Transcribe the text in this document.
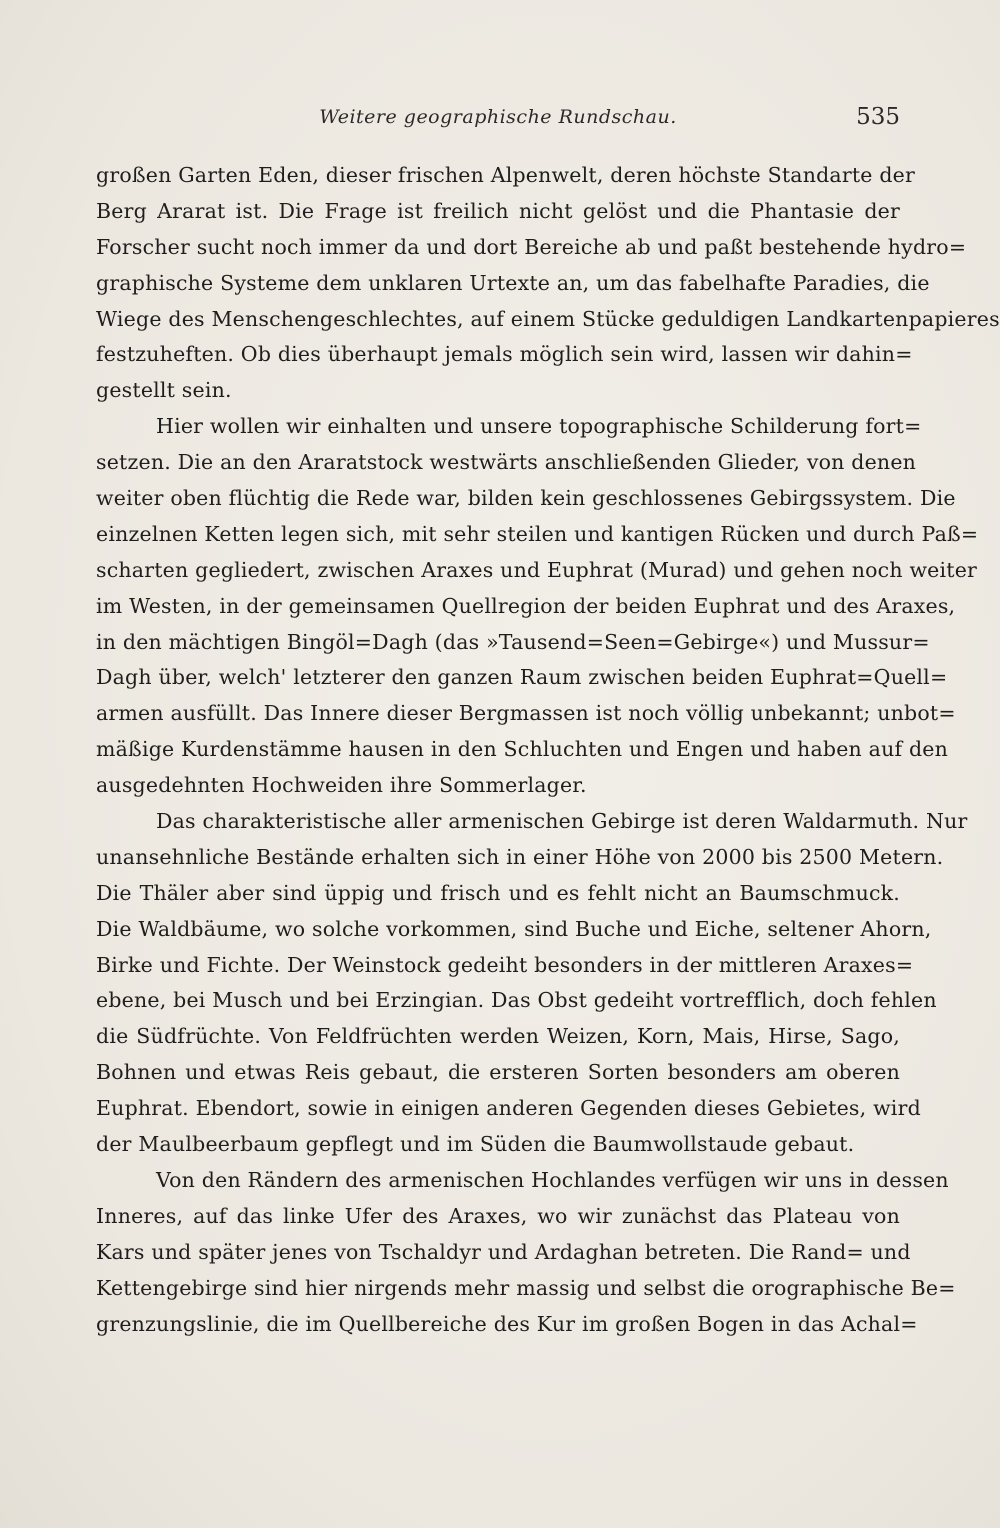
Weitere geographische Rundschau.	535
großen Garten Eden, dieser frischen Alpenwelt, deren höchste Standarte der
Berg Ararat ist. Die Frage ist freilich nicht gelöst und die Phantasie der
Forscher sucht noch immer da und dort Bereiche ab und paßt bestehende hydro=
graphische Systeme dem unklaren Urtexte an, um das fabelhafte Paradies, die
Wiege des Menschengeschlechtes, auf einem Stücke geduldigen Landkartenpapieres
festzuheften. Ob dies überhaupt jemals möglich sein wird, lassen wir dahin=
gestellt sein.
Hier wollen wir einhalten und unsere topographische Schilderung fort=
setzen. Die an den Araratstock westwärts anschließenden Glieder, von denen
weiter oben flüchtig die Rede war, bilden kein geschlossenes Gebirgssystem. Die
einzelnen Ketten legen sich, mit sehr steilen und kantigen Rücken und durch Paß=
scharten gegliedert, zwischen Araxes und Euphrat (Murad) und gehen noch weiter
im Westen, in der gemeinsamen Quellregion der beiden Euphrat und des Araxes,
in den mächtigen Bingöl=Dagh (das »Tausend=Seen=Gebirge«) und Mussur=
Dagh über, welch' letzterer den ganzen Raum zwischen beiden Euphrat=Quell=
armen ausfüllt. Das Innere dieser Bergmassen ist noch völlig unbekannt; unbot=
mäßige Kurdenstämme hausen in den Schluchten und Engen und haben auf den
ausgedehnten Hochweiden ihre Sommerlager.
Das charakteristische aller armenischen Gebirge ist deren Waldarmuth. Nur
unansehnliche Bestände erhalten sich in einer Höhe von 2000 bis 2500 Metern.
Die Thäler aber sind üppig und frisch und es fehlt nicht an Baumschmuck.
Die Waldbäume, wo solche vorkommen, sind Buche und Eiche, seltener Ahorn,
Birke und Fichte. Der Weinstock gedeiht besonders in der mittleren Araxes=
ebene, bei Musch und bei Erzingian. Das Obst gedeiht vortrefflich, doch fehlen
die Südfrüchte. Von Feldfrüchten werden Weizen, Korn, Mais, Hirse, Sago,
Bohnen und etwas Reis gebaut, die ersteren Sorten besonders am oberen
Euphrat. Ebendort, sowie in einigen anderen Gegenden dieses Gebietes, wird
der Maulbeerbaum gepflegt und im Süden die Baumwollstaude gebaut.
Von den Rändern des armenischen Hochlandes verfügen wir uns in dessen
Inneres, auf das linke Ufer des Araxes, wo wir zunächst das Plateau von
Kars und später jenes von Tschaldyr und Ardaghan betreten. Die Rand= und
Kettengebirge sind hier nirgends mehr massig und selbst die orographische Be=
grenzungslinie, die im Quellbereiche des Kur im großen Bogen in das Achal=
